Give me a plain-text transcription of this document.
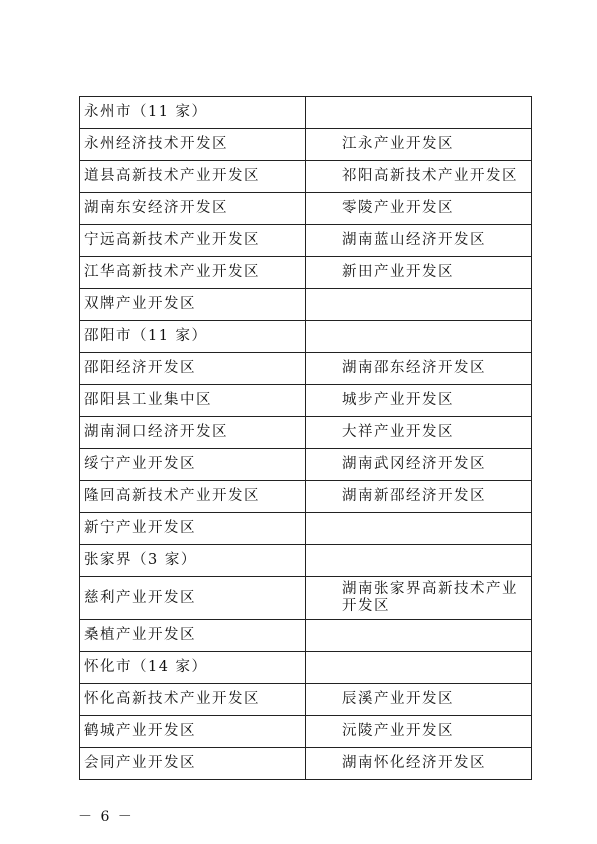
永州市（11 家）	
永州经济技术开发区	江永产业开发区
道县高新技术产业开发区	祁阳高新技术产业开发区
湖南东安经济开发区	零陵产业开发区
宁远高新技术产业开发区	湖南蓝山经济开发区
江华高新技术产业开发区	新田产业开发区
双牌产业开发区	
邵阳市（11 家）	
邵阳经济开发区	湖南邵东经济开发区
邵阳县工业集中区	城步产业开发区
湖南洞口经济开发区	大祥产业开发区
绥宁产业开发区	湖南武冈经济开发区
隆回高新技术产业开发区	湖南新邵经济开发区
新宁产业开发区	
张家界（3 家）	
慈利产业开发区	湖南张家界高新技术产业开发区
桑植产业开发区	
怀化市（14 家）	
怀化高新技术产业开发区	辰溪产业开发区
鹤城产业开发区	沅陵产业开发区
会同产业开发区	湖南怀化经济开发区
－ 6 －
